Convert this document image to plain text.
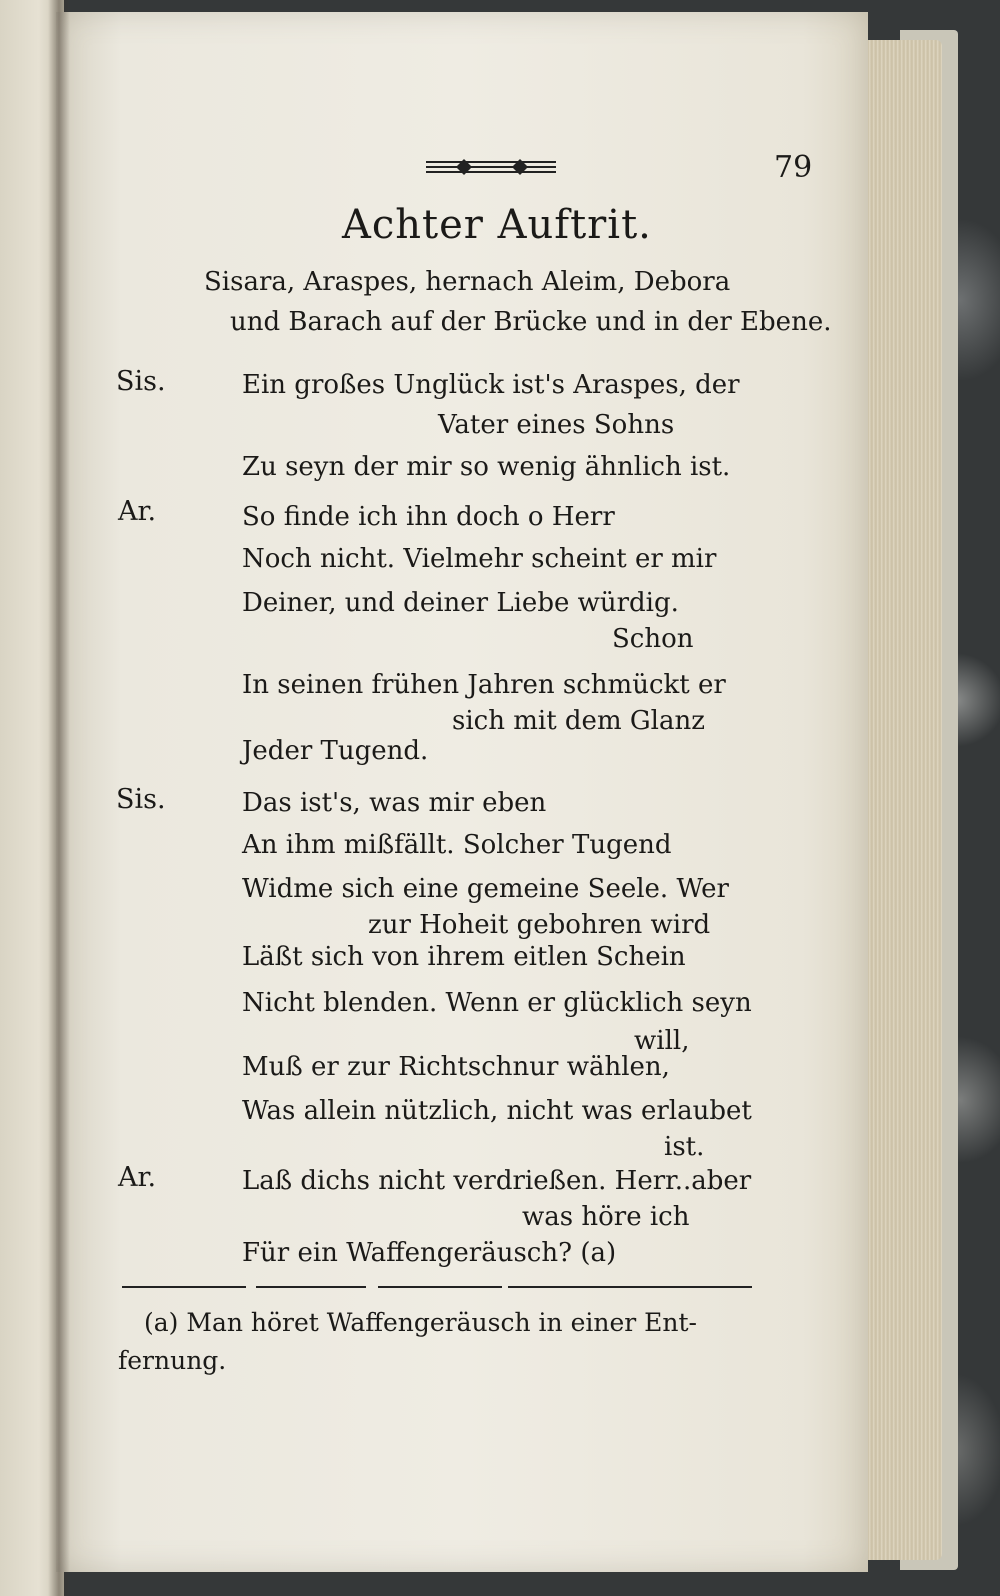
79
Achter Auftrit.
Sisara, Araspes, hernach Aleim, Debora
und Barach auf der Brücke und in der Ebene.
Sis.	Ein großes Unglück ist's Araspes, der
Vater eines Sohns
Zu seyn der mir so wenig ähnlich ist.
Ar.	So finde ich ihn doch o Herr
Noch nicht. Vielmehr scheint er mir
Deiner, und deiner Liebe würdig.
Schon
In seinen frühen Jahren schmückt er
sich mit dem Glanz
Jeder Tugend.
Sis.	Das ist's, was mir eben
An ihm mißfällt. Solcher Tugend
Widme sich eine gemeine Seele. Wer
zur Hoheit gebohren wird
Läßt sich von ihrem eitlen Schein
Nicht blenden. Wenn er glücklich seyn
will,
Muß er zur Richtschnur wählen,
Was allein nützlich, nicht was erlaubet
ist.
Ar.	Laß dichs nicht verdrießen. Herr..aber
was höre ich
Für ein Waffengeräusch? (a)
(a) Man höret Waffengeräusch in einer Ent-
fernung.
